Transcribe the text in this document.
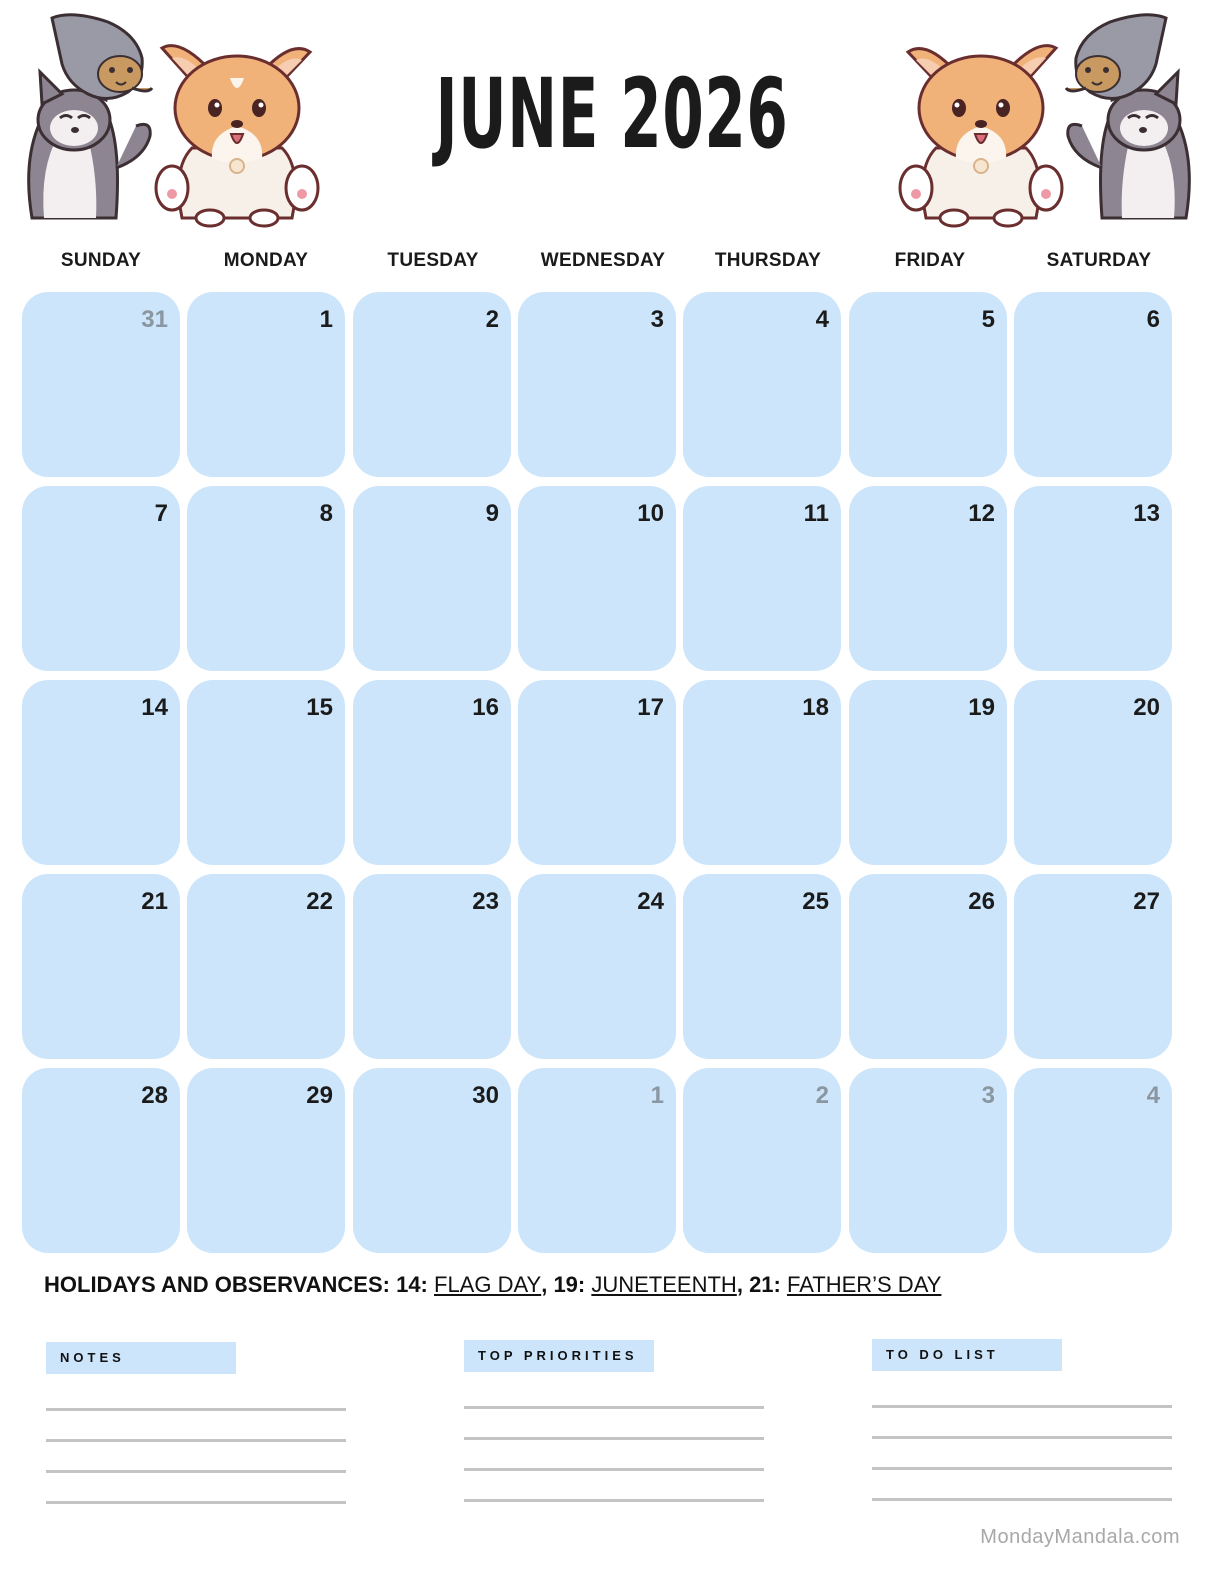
JUNE 2026
SUNDAY	MONDAY	TUESDAY	WEDNESDAY	THURSDAY	FRIDAY	SATURDAY
31	1	2	3	4	5	6
7	8	9	10	11	12	13
14	15	16	17	18	19	20
21	22	23	24	25	26	27
28	29	30	1	2	3	4
HOLIDAYS AND OBSERVANCES: 14: FLAG DAY, 19: JUNETEENTH, 21: FATHER’S DAY
NOTES	TOP PRIORITIES	TO DO LIST
MondayMandala.com
